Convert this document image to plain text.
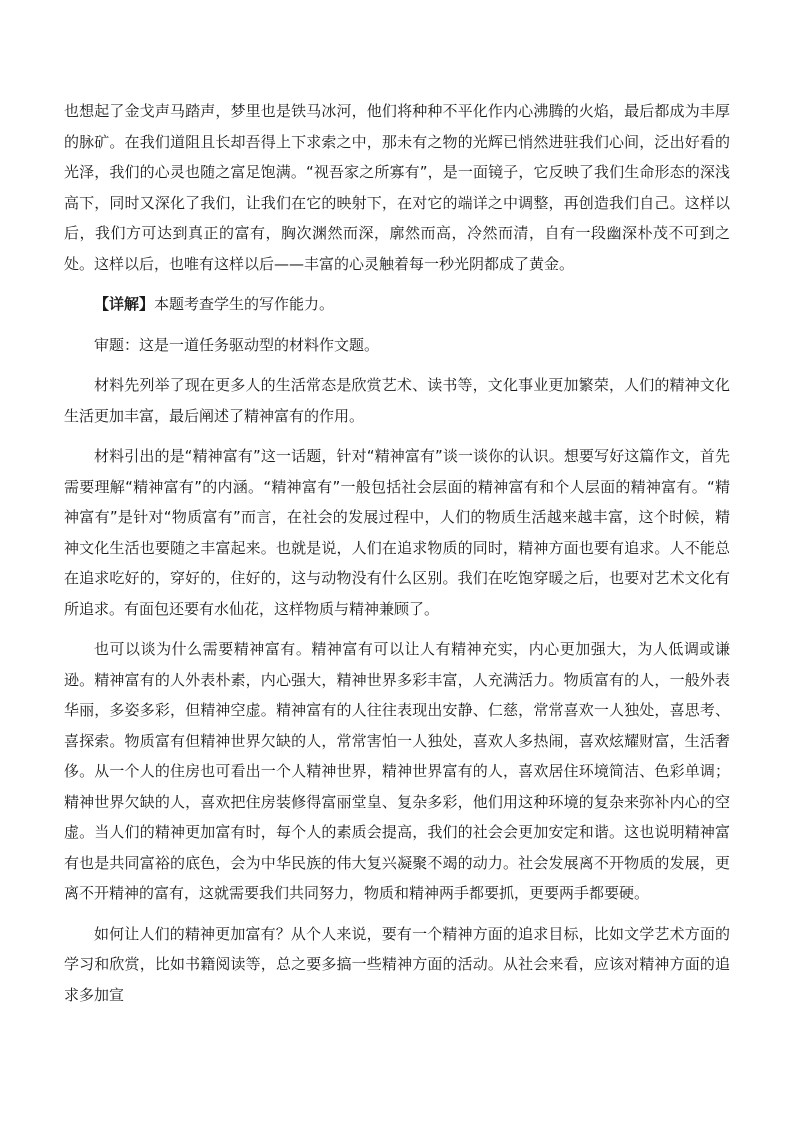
也想起了金戈声马踏声，梦里也是铁马冰河，他们将种种不平化作内心沸腾的火焰，最后都成为丰厚的脉矿。在我们道阻且长却吾得上下求索之中，那未有之物的光辉已悄然进驻我们心间，泛出好看的光泽，我们的心灵也随之富足饱满。“视吾家之所寡有”，是一面镜子，它反映了我们生命形态的深浅高下，同时又深化了我们，让我们在它的映射下，在对它的端详之中调整，再创造我们自己。这样以后，我们方可达到真正的富有，胸次渊然而深，廓然而高，冷然而清，自有一段幽深朴茂不可到之处。这样以后，也唯有这样以后——丰富的心灵触着每一秒光阴都成了黄金。

【详解】本题考查学生的写作能力。

审题：这是一道任务驱动型的材料作文题。

材料先列举了现在更多人的生活常态是欣赏艺术、读书等，文化事业更加繁荣，人们的精神文化生活更加丰富，最后阐述了精神富有的作用。

材料引出的是“精神富有”这一话题，针对“精神富有”谈一谈你的认识。想要写好这篇作文，首先需要理解“精神富有”的内涵。“精神富有”一般包括社会层面的精神富有和个人层面的精神富有。“精神富有”是针对“物质富有”而言，在社会的发展过程中，人们的物质生活越来越丰富，这个时候，精神文化生活也要随之丰富起来。也就是说，人们在追求物质的同时，精神方面也要有追求。人不能总在追求吃好的，穿好的，住好的，这与动物没有什么区别。我们在吃饱穿暖之后，也要对艺术文化有所追求。有面包还要有水仙花，这样物质与精神兼顾了。

也可以谈为什么需要精神富有。精神富有可以让人有精神充实，内心更加强大，为人低调或谦逊。精神富有的人外表朴素，内心强大，精神世界多彩丰富，人充满活力。物质富有的人，一般外表华丽，多姿多彩，但精神空虚。精神富有的人往往表现出安静、仁慈，常常喜欢一人独处，喜思考、喜探索。物质富有但精神世界欠缺的人，常常害怕一人独处，喜欢人多热闹，喜欢炫耀财富，生活奢侈。从一个人的住房也可看出一个人精神世界，精神世界富有的人，喜欢居住环境简洁、色彩单调；精神世界欠缺的人，喜欢把住房装修得富丽堂皇、复杂多彩，他们用这种环境的复杂来弥补内心的空虚。当人们的精神更加富有时，每个人的素质会提高，我们的社会会更加安定和谐。这也说明精神富有也是共同富裕的底色，会为中华民族的伟大复兴凝聚不竭的动力。社会发展离不开物质的发展，更离不开精神的富有，这就需要我们共同努力，物质和精神两手都要抓，更要两手都要硬。

如何让人们的精神更加富有？从个人来说，要有一个精神方面的追求目标，比如文学艺术方面的学习和欣赏，比如书籍阅读等，总之要多搞一些精神方面的活动。从社会来看，应该对精神方面的追求多加宣
